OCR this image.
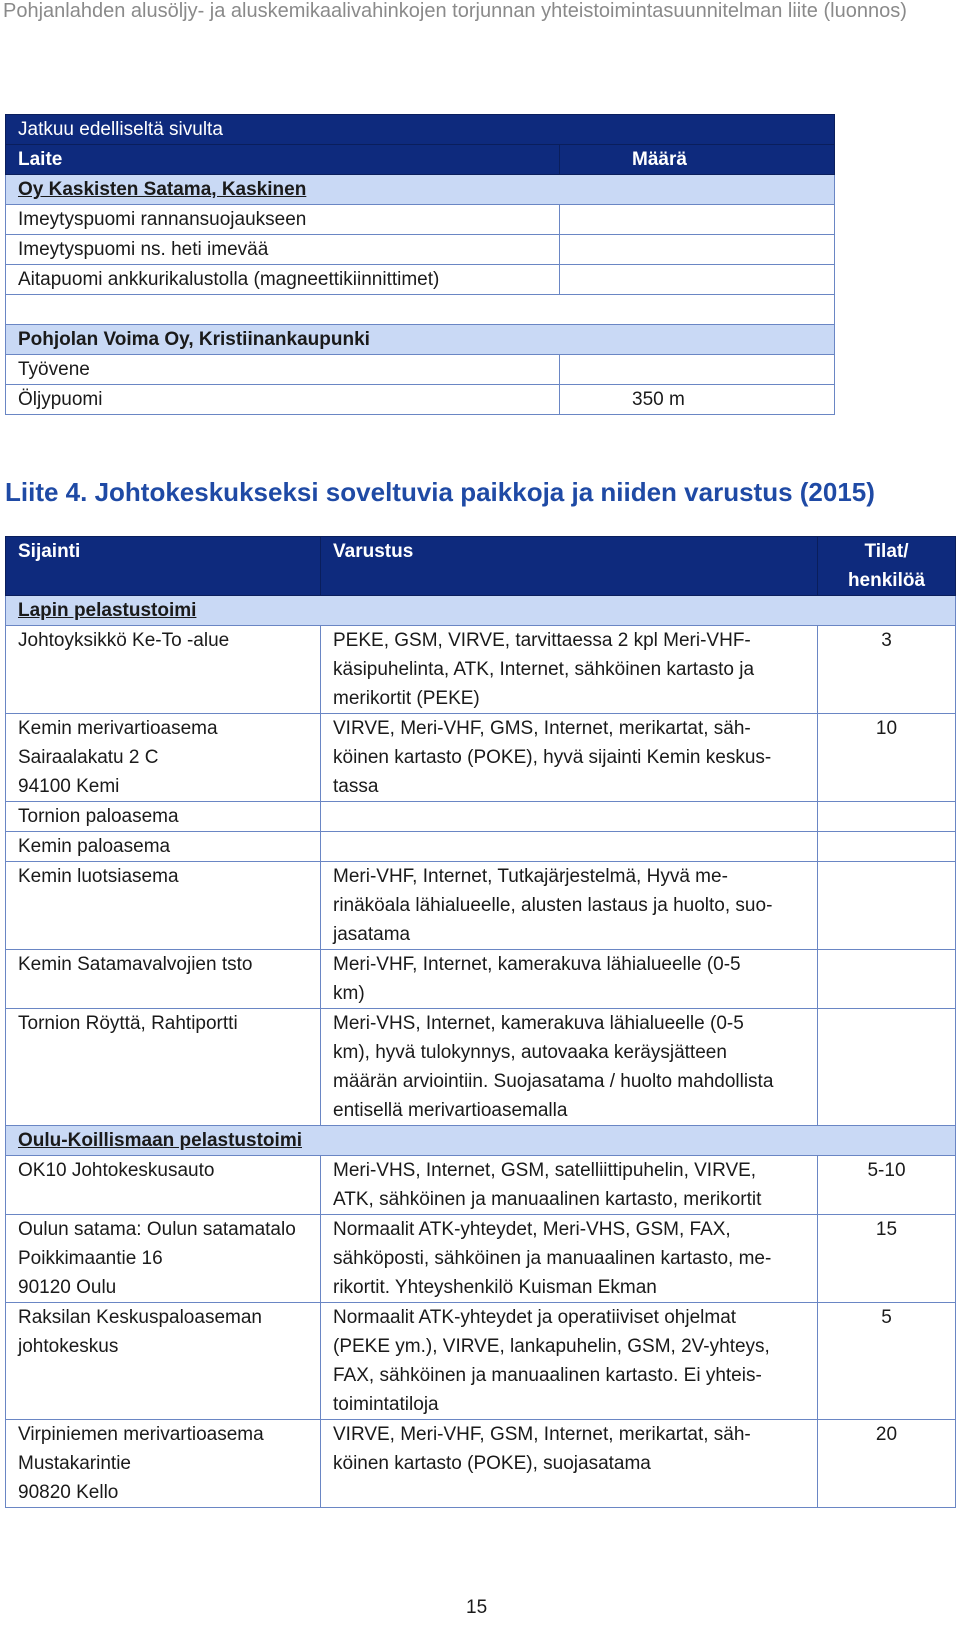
Pohjanlahden alusöljy- ja aluskemikaalivahinkojen torjunnan yhteistoimintasuunnitelman liite (luonnos)
Jatkuu edelliseltä sivulta	
Laite	Määrä
Oy Kaskisten Satama, Kaskinen	
Imeytyspuomi rannansuojaukseen	
Imeytyspuomi ns. heti imevää	
Aitapuomi ankkurikalustolla (magneettikiinnittimet)	

Pohjolan Voima Oy, Kristiinankaupunki	
Työvene	
Öljypuomi	350 m
Liite 4. Johtokeskukseksi soveltuvia paikkoja ja niiden varustus (2015)
Sijainti	Varustus	Tilat/
henkilöä

Lapin pelastustoimi		

Johtoyksikkö Ke-To -alue	PEKE, GSM, VIRVE, tarvittaessa 2 kpl Meri-VHF-
käsipuhelinta, ATK, Internet, sähköinen kartasto ja
merikortit (PEKE)	3

Kemin merivartioasema
Sairaalakatu 2 C
94100 Kemi	VIRVE, Meri-VHF, GMS, Internet, merikartat, säh-
köinen kartasto (POKE), hyvä sijainti Kemin keskus-
tassa	10

Tornion paloasema		

Kemin paloasema		

Kemin luotsiasema	Meri-VHF, Internet, Tutkajärjestelmä, Hyvä me-
rinäköala lähialueelle, alusten lastaus ja huolto, suo-
jasatama	

Kemin Satamavalvojien tsto	Meri-VHF, Internet, kamerakuva lähialueelle (0-5
km)	

Tornion Röyttä, Rahtiportti	Meri-VHS, Internet, kamerakuva lähialueelle (0-5
km), hyvä tulokynnys, autovaaka keräysjätteen
määrän arviointiin. Suojasatama / huolto mahdollista
entisellä merivartioasemalla	

Oulu-Koillismaan pelastustoimi		

OK10 Johtokeskusauto	Meri-VHS, Internet, GSM, satelliittipuhelin, VIRVE,
ATK, sähköinen ja manuaalinen kartasto, merikortit	5-10

Oulun satama: Oulun satamatalo
Poikkimaantie 16
90120 Oulu	Normaalit ATK-yhteydet, Meri-VHS, GSM, FAX,
sähköposti, sähköinen ja manuaalinen kartasto, me-
rikortit. Yhteyshenkilö Kuisman Ekman	15

Raksilan Keskuspaloaseman
johtokeskus	Normaalit ATK-yhteydet ja operatiiviset ohjelmat
(PEKE ym.), VIRVE, lankapuhelin, GSM, 2V-yhteys,
FAX, sähköinen ja manuaalinen kartasto. Ei yhteis-
toimintatiloja	5

Virpiniemen merivartioasema
Mustakarintie
90820 Kello	VIRVE, Meri-VHF, GSM, Internet, merikartat, säh-
köinen kartasto (POKE), suojasatama	20
15
